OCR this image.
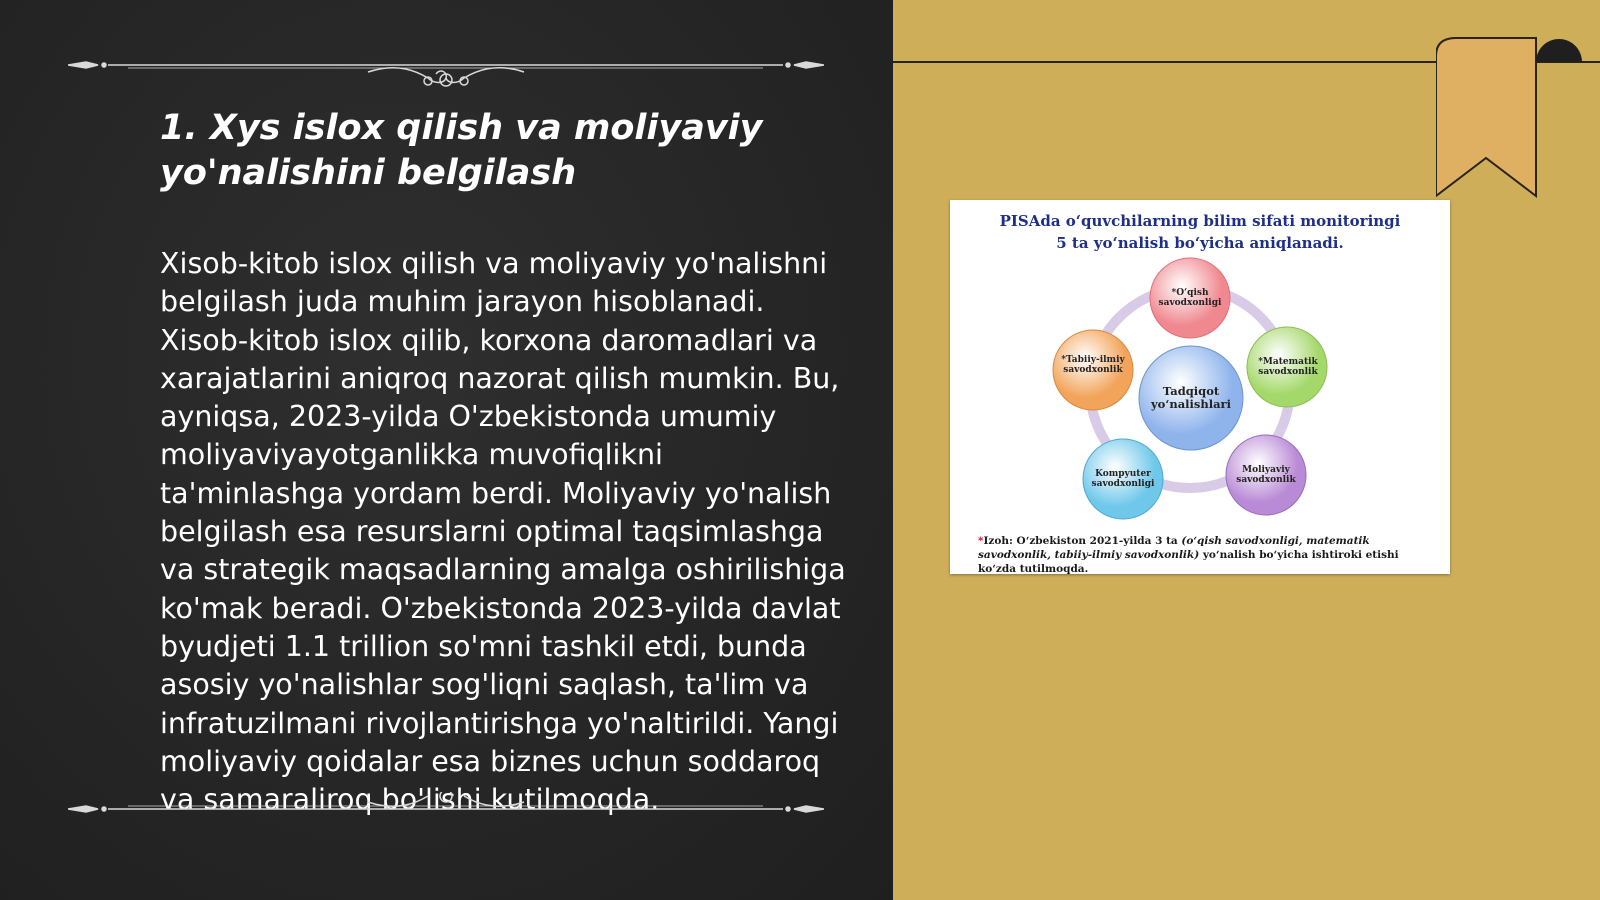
1. Xys islox qilish va moliyaviy yo'nalishini belgilash

Xisob-kitob islox qilish va moliyaviy yo'nalishni belgilash juda muhim jarayon hisoblanadi. Xisob-kitob islox qilib, korxona daromadlari va xarajatlarini aniqroq nazorat qilish mumkin. Bu, ayniqsa, 2023-yilda O'zbekistonda umumiy moliyaviyayotganlikka muvofiqlikni ta'minlashga yordam berdi. Moliyaviy yo'nalish belgilash esa resurslarni optimal taqsimlashga va strategik maqsadlarning amalga oshirilishiga ko'mak beradi. O'zbekistonda 2023-yilda davlat byudjeti 1.1 trillion so'mni tashkil etdi, bunda asosiy yo'nalishlar sog'liqni saqlash, ta'lim va infratuzilmani rivojlantirishga yo'naltirildi. Yangi moliyaviy qoidalar esa biznes uchun soddaroq va samaraliroq bo'lishi kutilmoqda.

PISAda o‘quvchilarning bilim sifati monitoringi
5 ta yo‘nalish bo‘yicha aniqlanadi.
*O‘qish savodxonligi
*Matematik savodxonlik
Moliyaviy savodxonlik
Kompyuter savodxonligi
*Tabiiy-ilmiy savodxonlik
Tadqiqot yo‘nalishlari
*Izoh: O‘zbekiston 2021-yilda 3 ta (o‘qish savodxonligi, matematik savodxonlik, tabiiy-ilmiy savodxonlik) yo‘nalish bo‘yicha ishtiroki etishi ko‘zda tutilmoqda.
